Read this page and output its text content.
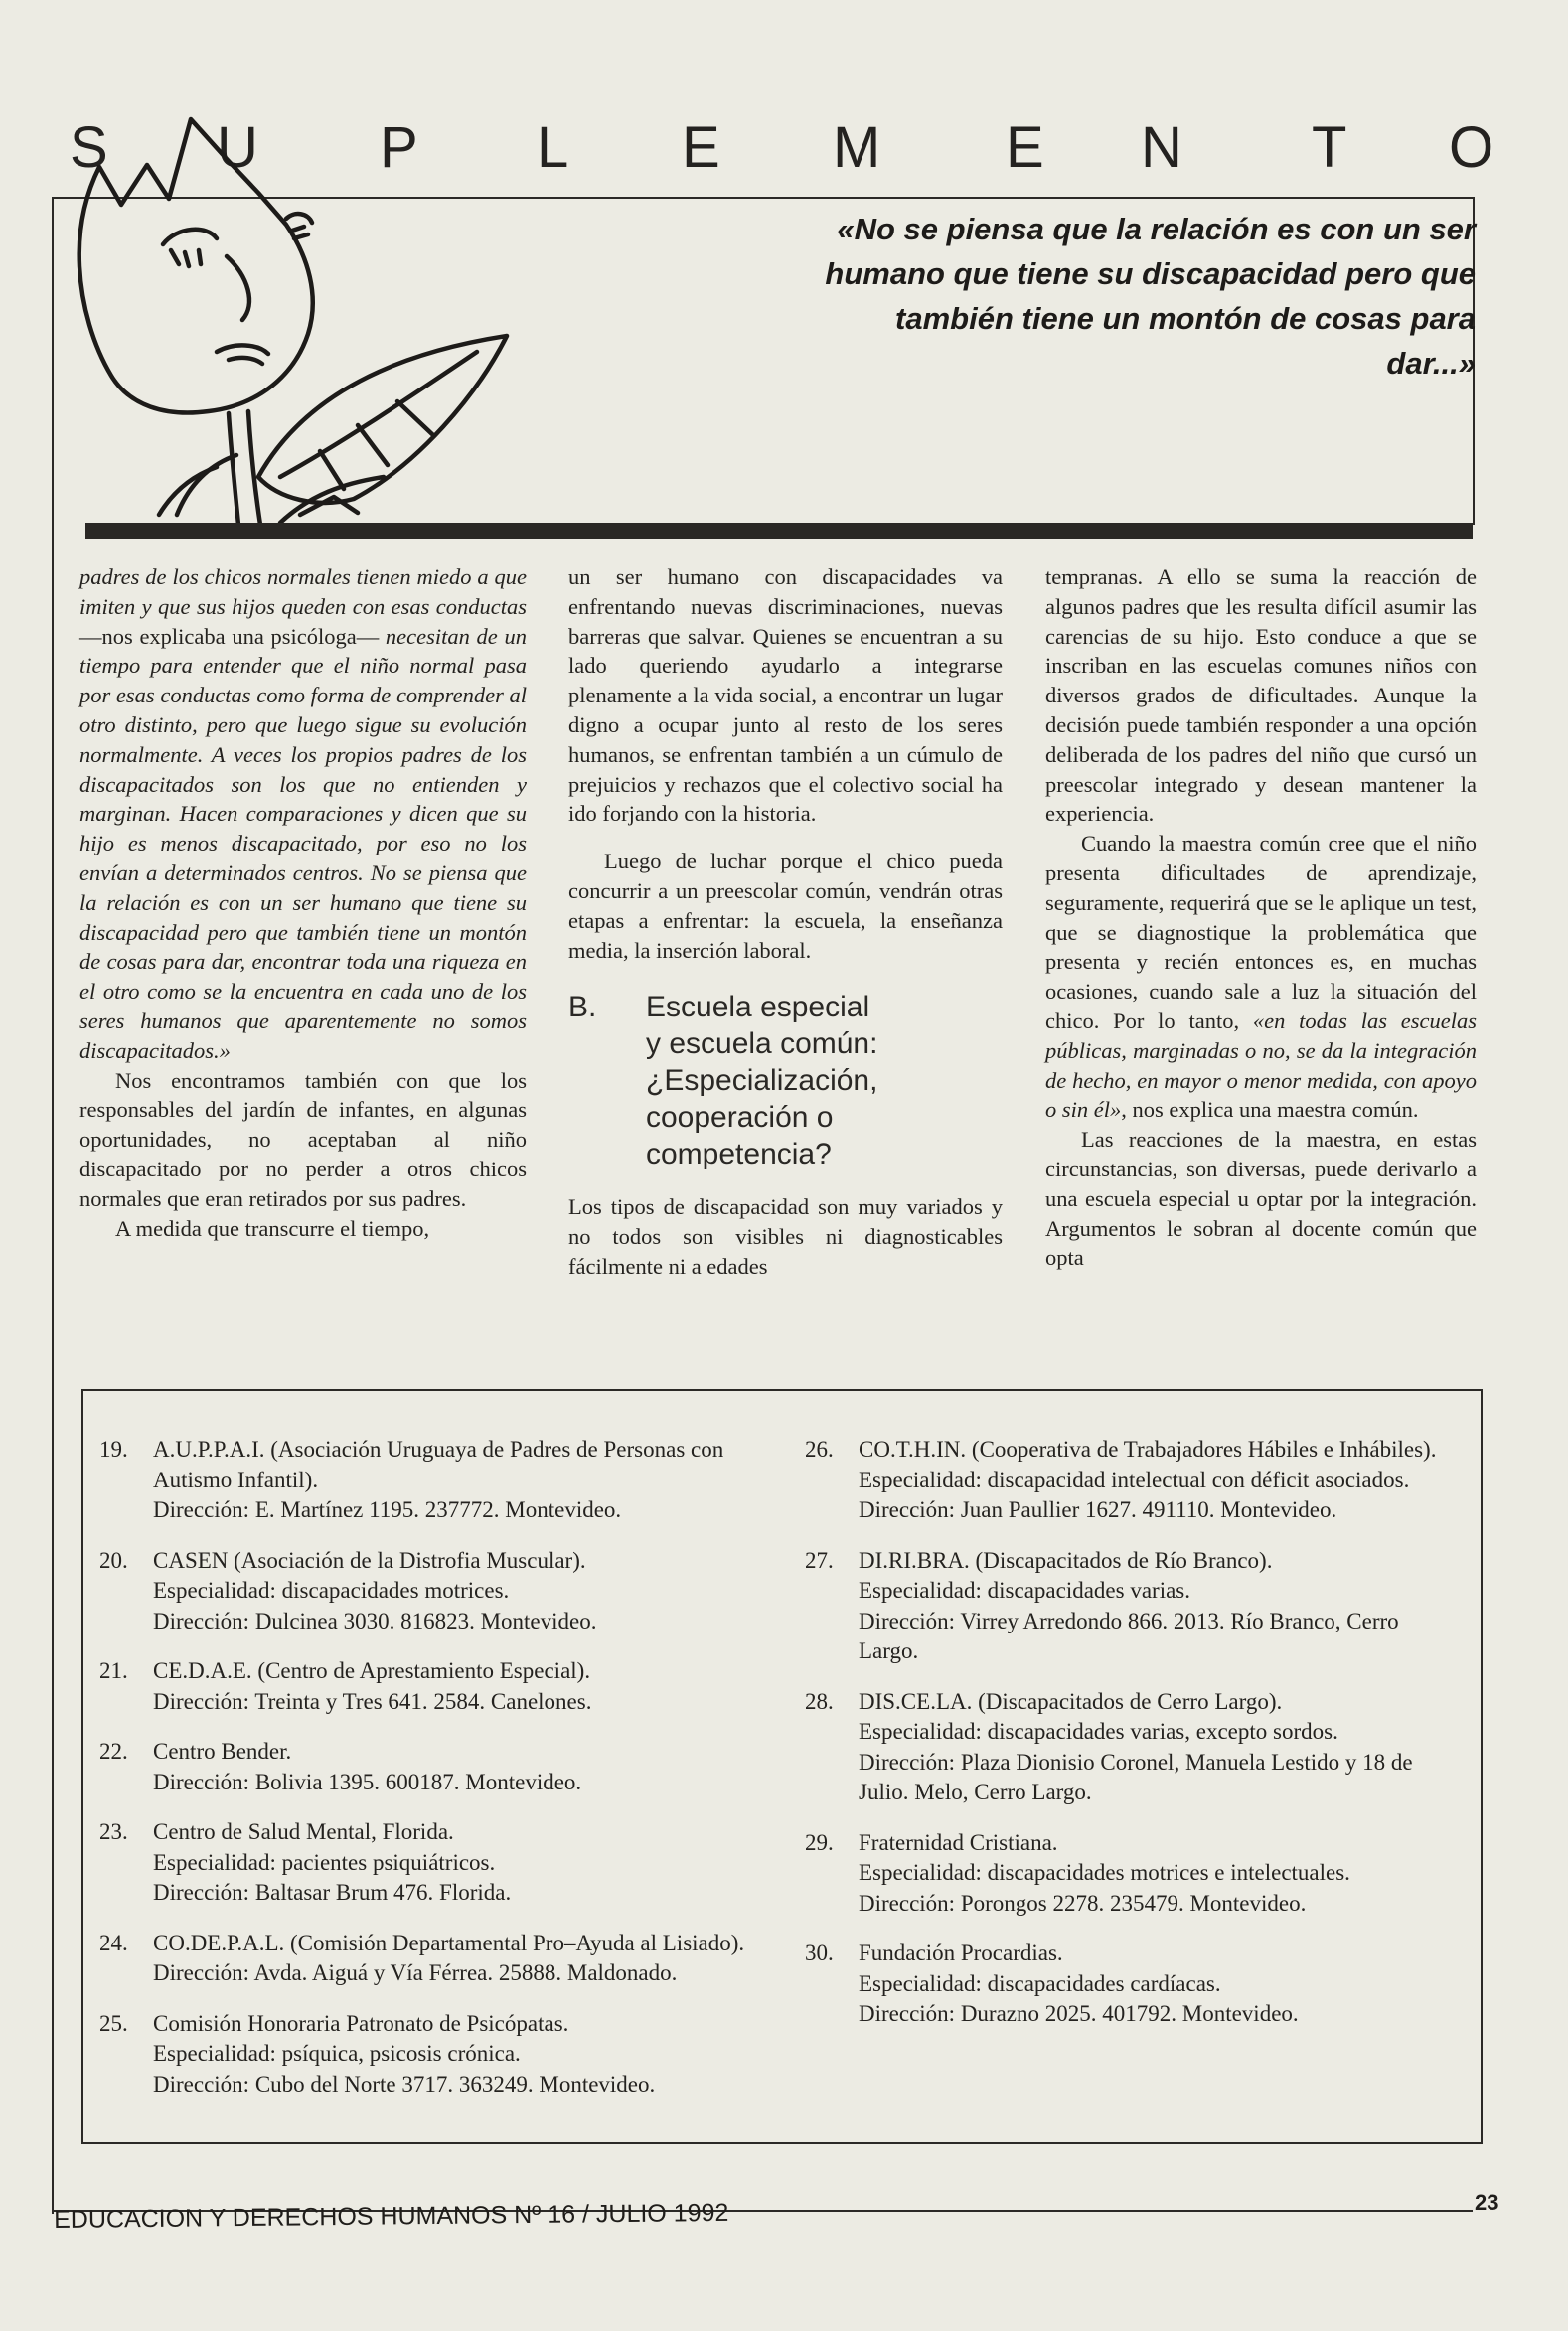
S U P L E M E N T O
«No se piensa que la relación es con un ser humano que tiene su discapacidad pero que también tiene un montón de cosas para dar...»

padres de los chicos normales tienen miedo a que imiten y que sus hijos queden con esas conductas —nos explicaba una psicóloga— necesitan de un tiempo para entender que el niño normal pasa por esas conductas como forma de comprender al otro distinto, pero que luego sigue su evolución normalmente. A veces los propios padres de los discapacitados son los que no entienden y marginan. Hacen comparaciones y dicen que su hijo es menos discapacitado, por eso no los envían a determinados centros. No se piensa que la relación es con un ser humano que tiene su discapacidad pero que también tiene un montón de cosas para dar, encontrar toda una riqueza en el otro como se la encuentra en cada uno de los seres humanos que aparentemente no somos discapacitados.»

Nos encontramos también con que los responsables del jardín de infantes, en algunas oportunidades, no aceptaban al niño discapacitado por no perder a otros chicos normales que eran retirados por sus padres.

A medida que transcurre el tiempo,

un ser humano con discapacidades va enfrentando nuevas discriminaciones, nuevas barreras que salvar. Quienes se encuentran a su lado queriendo ayudarlo a integrarse plenamente a la vida social, a encontrar un lugar digno a ocupar junto al resto de los seres humanos, se enfrentan también a un cúmulo de prejuicios y rechazos que el colectivo social ha ido forjando con la historia.

Luego de luchar porque el chico pueda concurrir a un preescolar común, vendrán otras etapas a enfrentar: la escuela, la enseñanza media, la inserción laboral.

B.	Escuela especial
y escuela común:
¿Especialización,
cooperación o
competencia?

Los tipos de discapacidad son muy variados y no todos son visibles ni diagnosticables fácilmente ni a edades

tempranas. A ello se suma la reacción de algunos padres que les resulta difícil asumir las carencias de su hijo. Esto conduce a que se inscriban en las escuelas comunes niños con diversos grados de dificultades. Aunque la decisión puede también responder a una opción deliberada de los padres del niño que cursó un preescolar integrado y desean mantener la experiencia.

Cuando la maestra común cree que el niño presenta dificultades de aprendizaje, seguramente, requerirá que se le aplique un test, que se diagnostique la problemática que presenta y recién entonces es, en muchas ocasiones, cuando sale a luz la situación del chico. Por lo tanto, «en todas las escuelas públicas, marginadas o no, se da la integración de hecho, en mayor o menor medida, con apoyo o sin él», nos explica una maestra común.

Las reacciones de la maestra, en estas circunstancias, son diversas, puede derivarlo a una escuela especial u optar por la integración. Argumentos le sobran al docente común que opta

19.	A.U.P.P.A.I. (Asociación Uruguaya de Padres de Personas con Autismo Infantil).
Dirección: E. Martínez 1195. 237772. Montevideo.
20.	CASEN (Asociación de la Distrofia Muscular).
Especialidad: discapacidades motrices.
Dirección: Dulcinea 3030. 816823. Montevideo.
21.	CE.D.A.E. (Centro de Aprestamiento Especial).
Dirección: Treinta y Tres 641. 2584. Canelones.
22.	Centro Bender.
Dirección: Bolivia 1395. 600187. Montevideo.
23.	Centro de Salud Mental, Florida.
Especialidad: pacientes psiquiátricos.
Dirección: Baltasar Brum 476. Florida.
24.	CO.DE.P.A.L. (Comisión Departamental Pro–Ayuda al Lisiado).
Dirección: Avda. Aiguá y Vía Férrea. 25888. Maldonado.
25.	Comisión Honoraria Patronato de Psicópatas.
Especialidad: psíquica, psicosis crónica.
Dirección: Cubo del Norte 3717. 363249. Montevideo.
26.	CO.T.H.IN. (Cooperativa de Trabajadores Hábiles e Inhábiles).
Especialidad: discapacidad intelectual con déficit asociados.
Dirección: Juan Paullier 1627. 491110. Montevideo.
27.	DI.RI.BRA. (Discapacitados de Río Branco).
Especialidad: discapacidades varias.
Dirección: Virrey Arredondo 866. 2013. Río Branco, Cerro Largo.
28.	DIS.CE.LA. (Discapacitados de Cerro Largo).
Especialidad: discapacidades varias, excepto sordos.
Dirección: Plaza Dionisio Coronel, Manuela Lestido y 18 de Julio. Melo, Cerro Largo.
29.	Fraternidad Cristiana.
Especialidad: discapacidades motrices e intelectuales.
Dirección: Porongos 2278. 235479. Montevideo.
30.	Fundación Procardias.
Especialidad: discapacidades cardíacas.
Dirección: Durazno 2025. 401792. Montevideo.
EDUCACION Y DERECHOS HUMANOS Nº 16 / JULIO 1992	23
